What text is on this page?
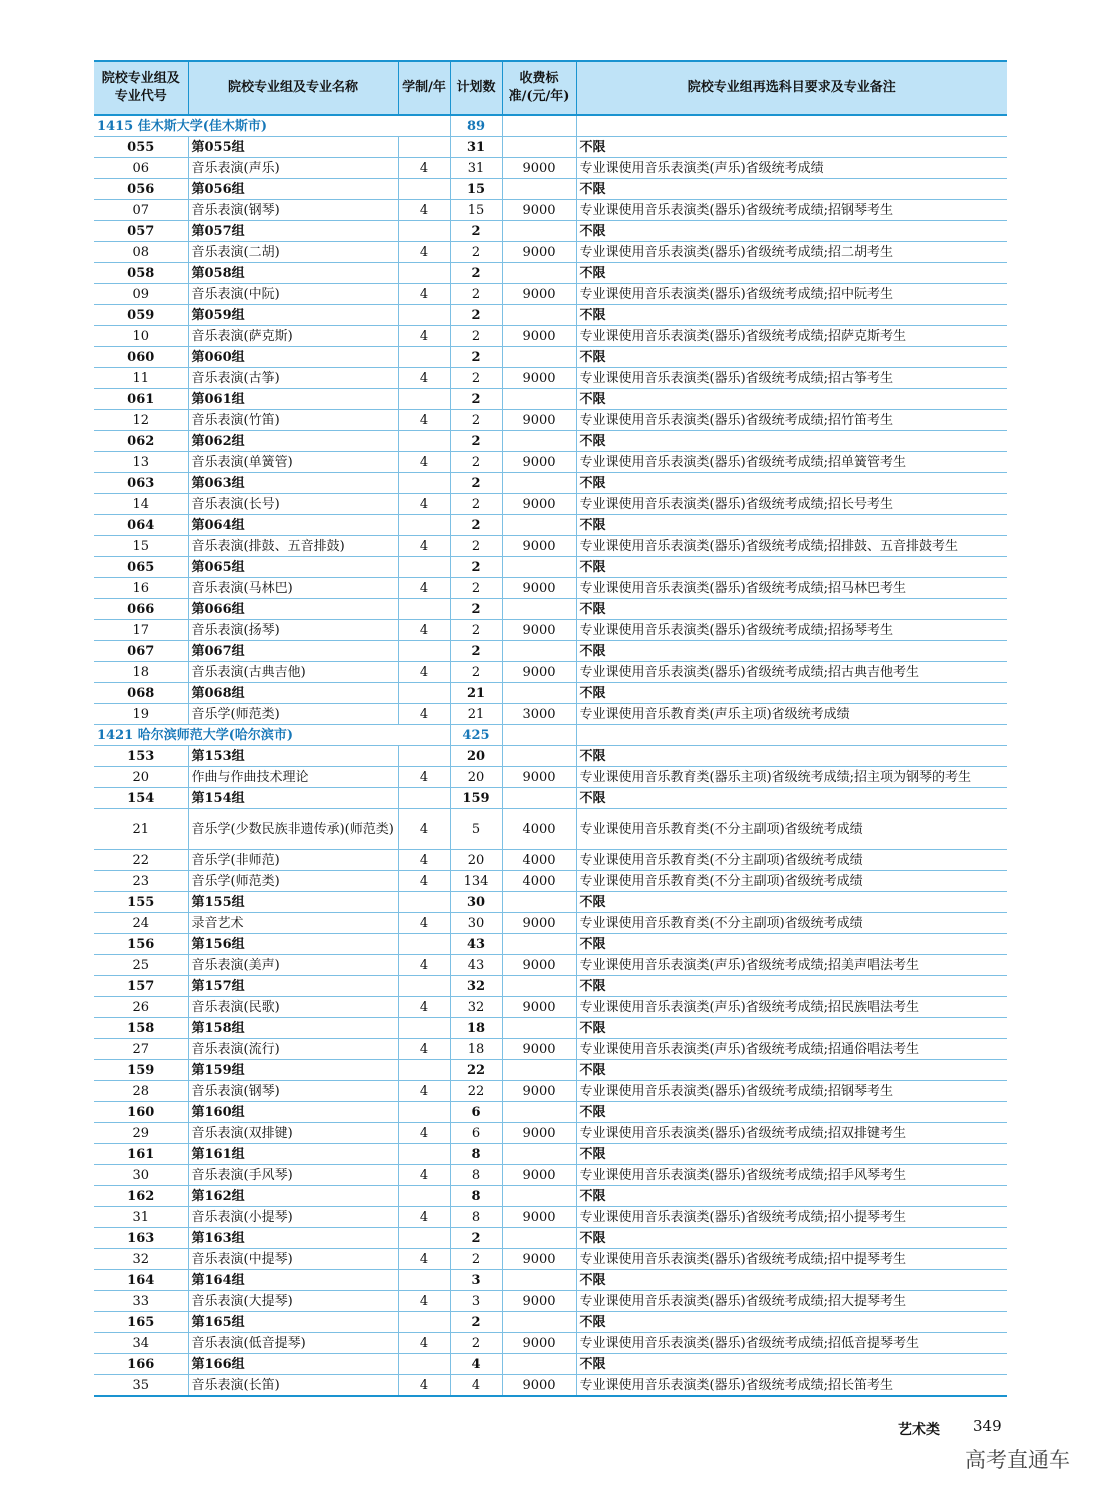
院校专业组及专业代号	院校专业组及专业名称	学制/年	计划数	收费标准/(元/年)	院校专业组再选科目要求及专业备注
1415 佳木斯大学(佳木斯市)			89		
055	第055组		31		不限
06	音乐表演(声乐)	4	31	9000	专业课使用音乐表演类(声乐)省级统考成绩
056	第056组		15		不限
07	音乐表演(钢琴)	4	15	9000	专业课使用音乐表演类(器乐)省级统考成绩;招钢琴考生
057	第057组		2		不限
08	音乐表演(二胡)	4	2	9000	专业课使用音乐表演类(器乐)省级统考成绩;招二胡考生
058	第058组		2		不限
09	音乐表演(中阮)	4	2	9000	专业课使用音乐表演类(器乐)省级统考成绩;招中阮考生
059	第059组		2		不限
10	音乐表演(萨克斯)	4	2	9000	专业课使用音乐表演类(器乐)省级统考成绩;招萨克斯考生
060	第060组		2		不限
11	音乐表演(古筝)	4	2	9000	专业课使用音乐表演类(器乐)省级统考成绩;招古筝考生
061	第061组		2		不限
12	音乐表演(竹笛)	4	2	9000	专业课使用音乐表演类(器乐)省级统考成绩;招竹笛考生
062	第062组		2		不限
13	音乐表演(单簧管)	4	2	9000	专业课使用音乐表演类(器乐)省级统考成绩;招单簧管考生
063	第063组		2		不限
14	音乐表演(长号)	4	2	9000	专业课使用音乐表演类(器乐)省级统考成绩;招长号考生
064	第064组		2		不限
15	音乐表演(排鼓、五音排鼓)	4	2	9000	专业课使用音乐表演类(器乐)省级统考成绩;招排鼓、五音排鼓考生
065	第065组		2		不限
16	音乐表演(马林巴)	4	2	9000	专业课使用音乐表演类(器乐)省级统考成绩;招马林巴考生
066	第066组		2		不限
17	音乐表演(扬琴)	4	2	9000	专业课使用音乐表演类(器乐)省级统考成绩;招扬琴考生
067	第067组		2		不限
18	音乐表演(古典吉他)	4	2	9000	专业课使用音乐表演类(器乐)省级统考成绩;招古典吉他考生
068	第068组		21		不限
19	音乐学(师范类)	4	21	3000	专业课使用音乐教育类(声乐主项)省级统考成绩
1421 哈尔滨师范大学(哈尔滨市)			425		
153	第153组		20		不限
20	作曲与作曲技术理论	4	20	9000	专业课使用音乐教育类(器乐主项)省级统考成绩;招主项为钢琴的考生
154	第154组		159		不限
21	音乐学(少数民族非遗传承)(师范类)	4	5	4000	专业课使用音乐教育类(不分主副项)省级统考成绩
22	音乐学(非师范)	4	20	4000	专业课使用音乐教育类(不分主副项)省级统考成绩
23	音乐学(师范类)	4	134	4000	专业课使用音乐教育类(不分主副项)省级统考成绩
155	第155组		30		不限
24	录音艺术	4	30	9000	专业课使用音乐教育类(不分主副项)省级统考成绩
156	第156组		43		不限
25	音乐表演(美声)	4	43	9000	专业课使用音乐表演类(声乐)省级统考成绩;招美声唱法考生
157	第157组		32		不限
26	音乐表演(民歌)	4	32	9000	专业课使用音乐表演类(声乐)省级统考成绩;招民族唱法考生
158	第158组		18		不限
27	音乐表演(流行)	4	18	9000	专业课使用音乐表演类(声乐)省级统考成绩;招通俗唱法考生
159	第159组		22		不限
28	音乐表演(钢琴)	4	22	9000	专业课使用音乐表演类(器乐)省级统考成绩;招钢琴考生
160	第160组		6		不限
29	音乐表演(双排键)	4	6	9000	专业课使用音乐表演类(器乐)省级统考成绩;招双排键考生
161	第161组		8		不限
30	音乐表演(手风琴)	4	8	9000	专业课使用音乐表演类(器乐)省级统考成绩;招手风琴考生
162	第162组		8		不限
31	音乐表演(小提琴)	4	8	9000	专业课使用音乐表演类(器乐)省级统考成绩;招小提琴考生
163	第163组		2		不限
32	音乐表演(中提琴)	4	2	9000	专业课使用音乐表演类(器乐)省级统考成绩;招中提琴考生
164	第164组		3		不限
33	音乐表演(大提琴)	4	3	9000	专业课使用音乐表演类(器乐)省级统考成绩;招大提琴考生
165	第165组		2		不限
34	音乐表演(低音提琴)	4	2	9000	专业课使用音乐表演类(器乐)省级统考成绩;招低音提琴考生
166	第166组		4		不限
35	音乐表演(长笛)	4	4	9000	专业课使用音乐表演类(器乐)省级统考成绩;招长笛考生
艺术类 349
高考直通车
